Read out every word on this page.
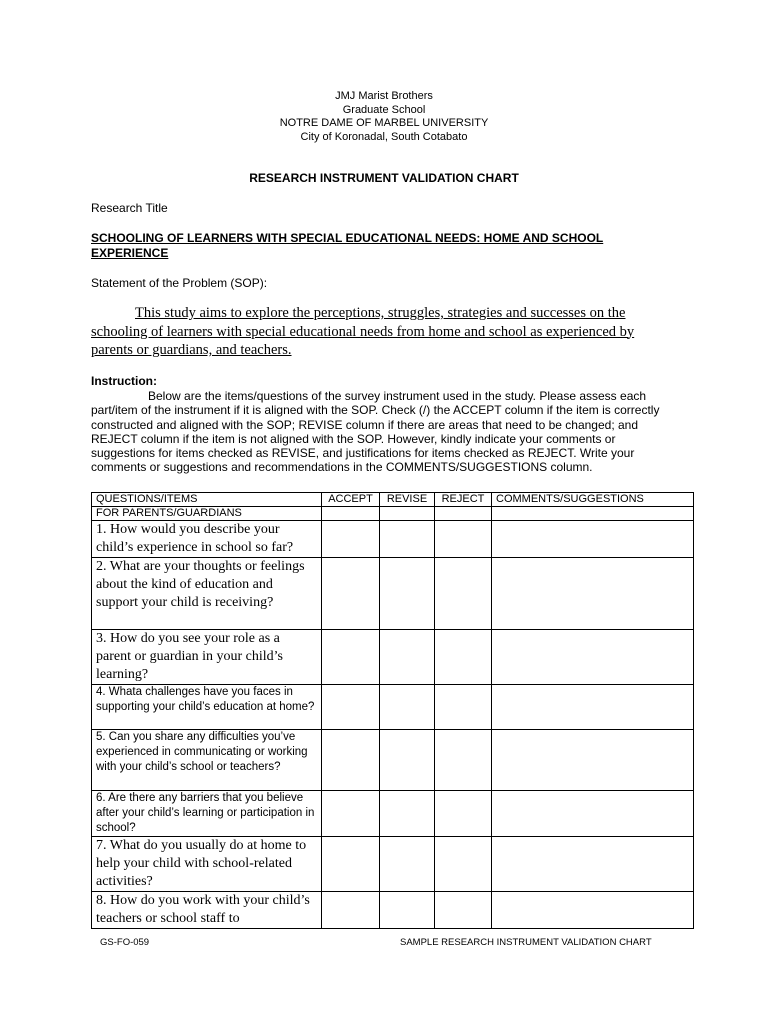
JMJ Marist Brothers
Graduate School
NOTRE DAME OF MARBEL UNIVERSITY
City of Koronadal, South Cotabato
RESEARCH INSTRUMENT VALIDATION CHART
Research Title
SCHOOLING OF LEARNERS WITH SPECIAL EDUCATIONAL NEEDS: HOME AND SCHOOL EXPERIENCE
Statement of the Problem (SOP):
This study aims to explore the perceptions, struggles, strategies and successes on the schooling of learners with special educational needs from home and school as experienced by parents or guardians, and teachers.
Instruction:
Below are the items/questions of the survey instrument used in the study. Please assess each part/item of the instrument if it is aligned with the SOP. Check (/) the ACCEPT column if the item is correctly constructed and aligned with the SOP; REVISE column if there are areas that need to be changed; and REJECT column if the item is not aligned with the SOP. However, kindly indicate your comments or suggestions for items checked as REVISE, and justifications for items checked as REJECT. Write your comments or suggestions and recommendations in the COMMENTS/SUGGESTIONS column.
QUESTIONS/ITEMS	ACCEPT	REVISE	REJECT	COMMENTS/SUGGESTIONS
FOR PARENTS/GUARDIANS				
1. How would you describe your child’s experience in school so far?				
2. What are your thoughts or feelings about the kind of education and support your child is receiving?				
3. How do you see your role as a parent or guardian in your child’s learning?				
4. Whata challenges have you faces in supporting your child’s education at home?				
5. Can you share any difficulties you’ve experienced in communicating or working with your child’s school or teachers?				
6. Are there any barriers that you believe after your child’s learning or participation in school?				
7. What do you usually do at home to help your child with school-related activities?				
8. How do you work with your child’s teachers or school staff to				
GS-FO-059	SAMPLE RESEARCH INSTRUMENT VALIDATION CHART
